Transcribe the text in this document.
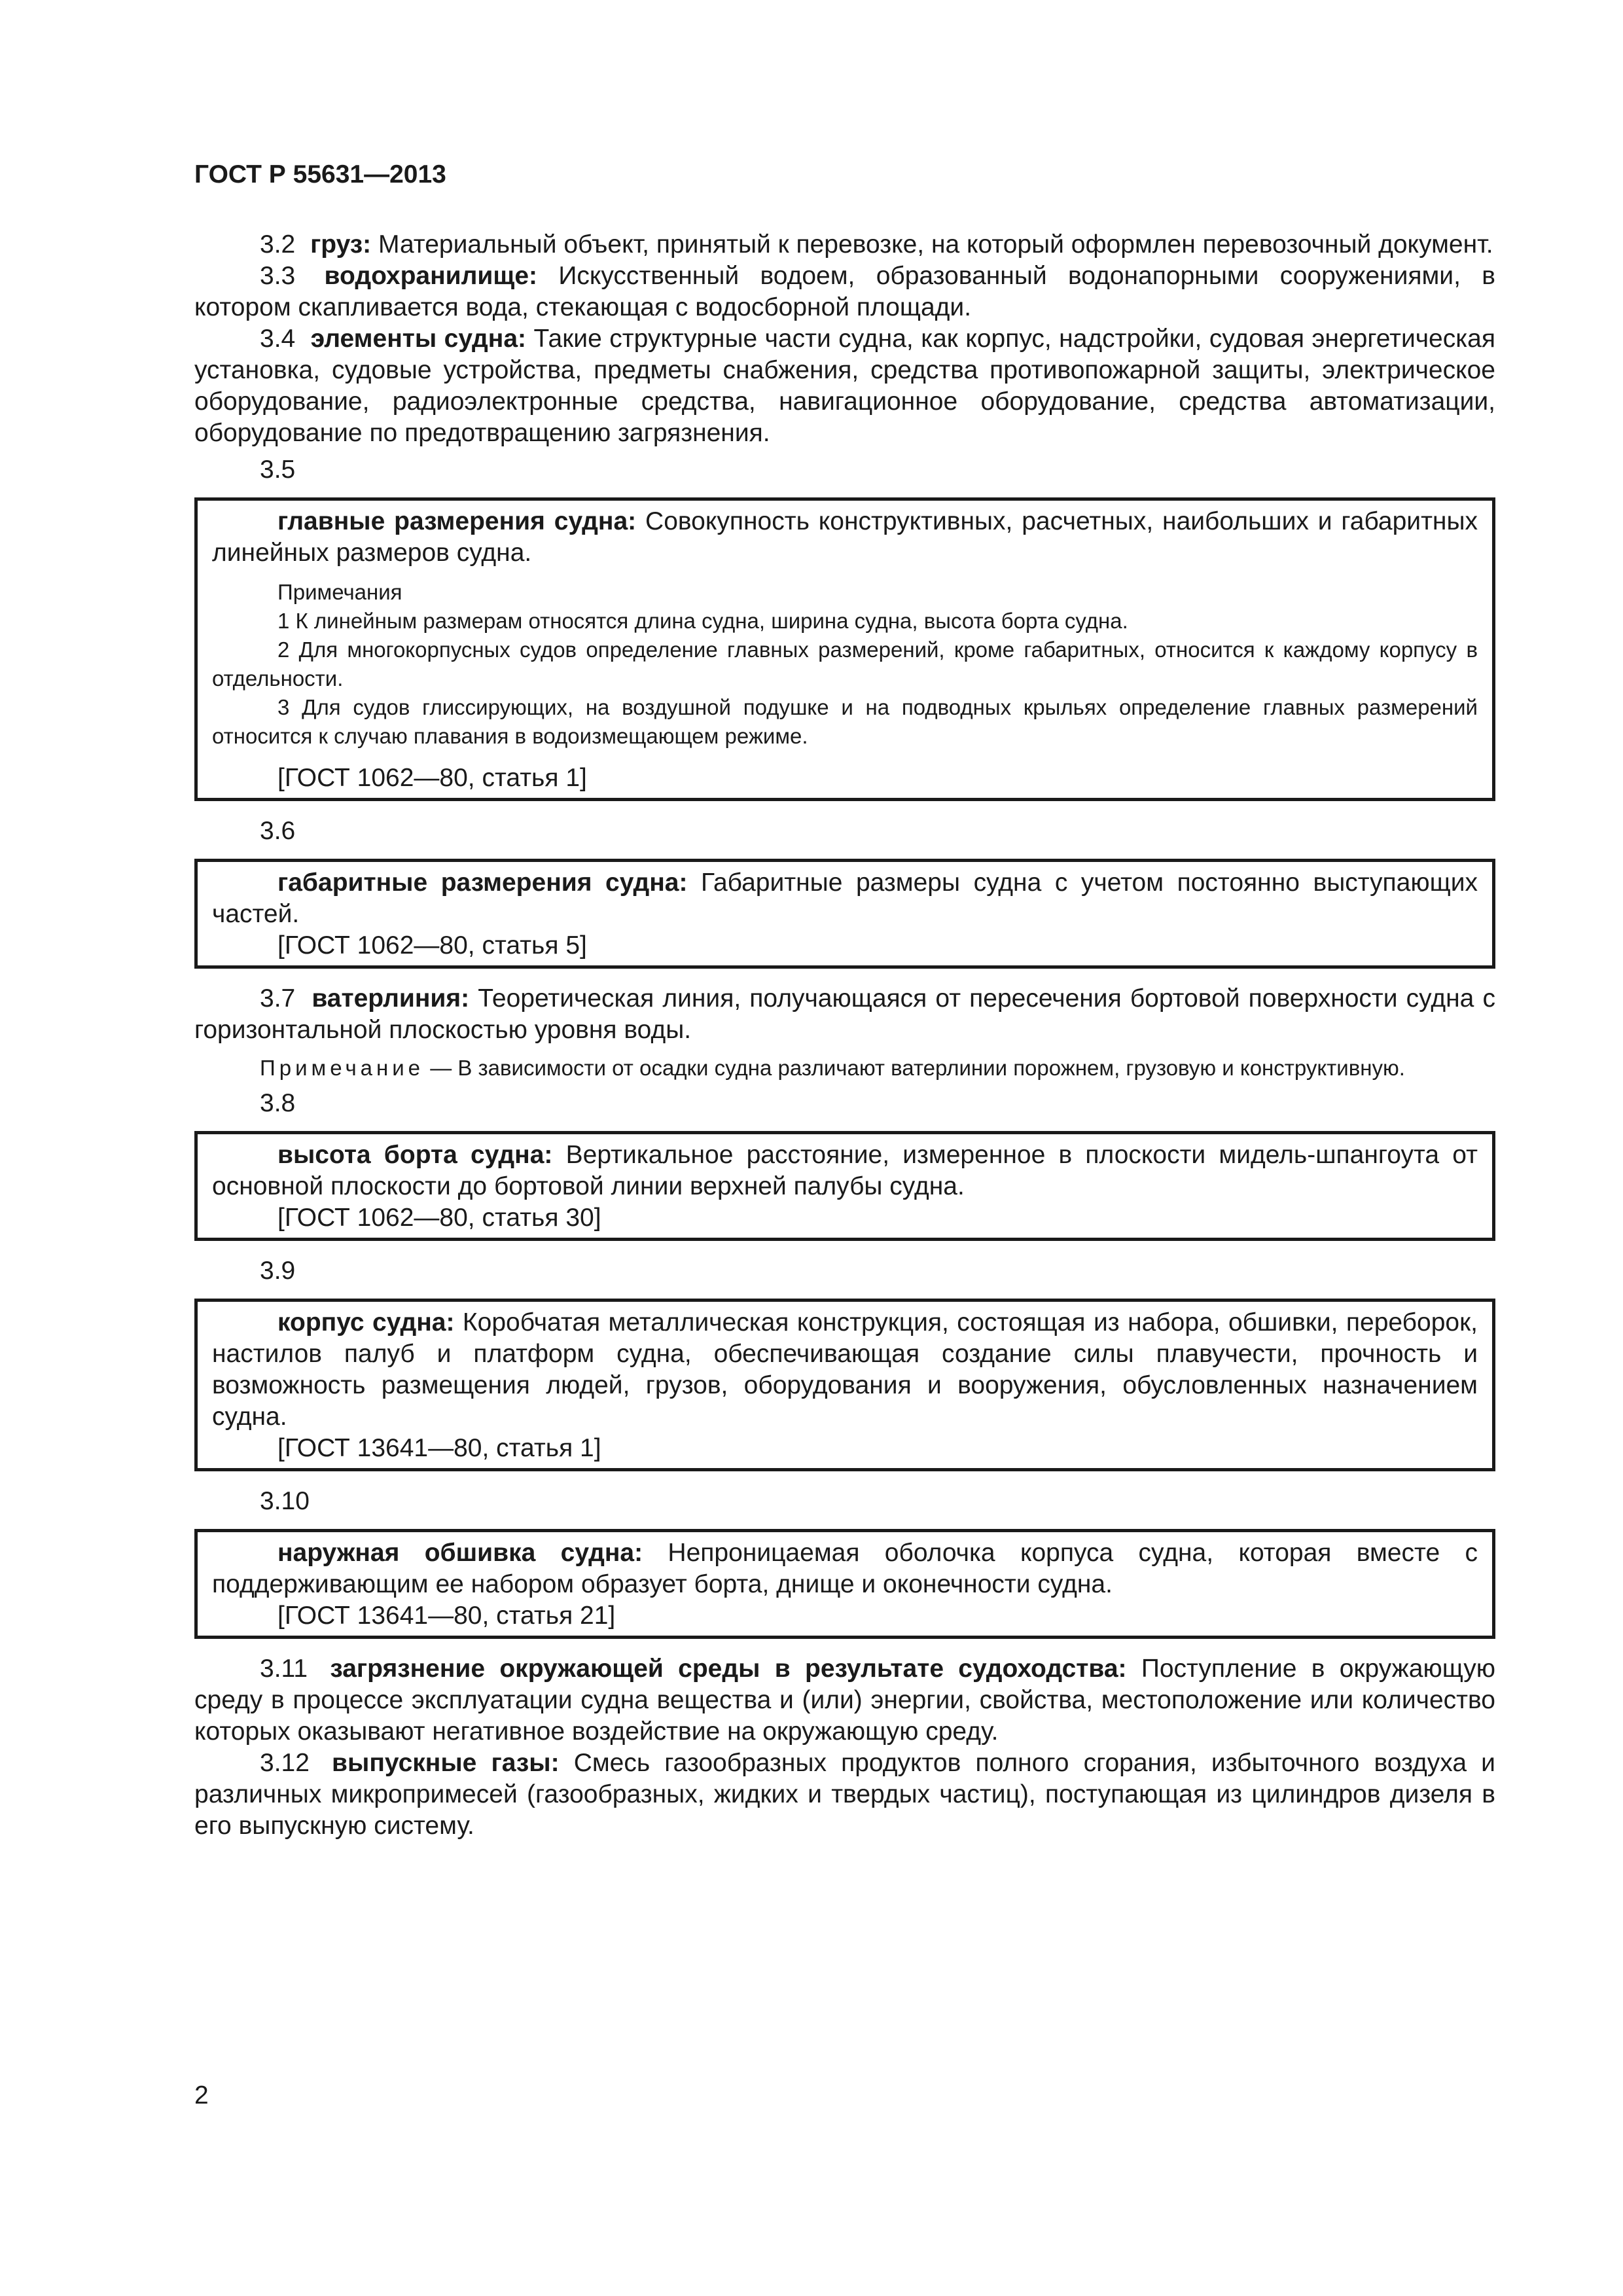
ГОСТ Р 55631—2013

3.2 груз: Материальный объект, принятый к перевозке, на который оформлен перевозочный документ.

3.3 водохранилище: Искусственный водоем, образованный водонапорными сооружениями, в котором скапливается вода, стекающая с водосборной площади.

3.4 элементы судна: Такие структурные части судна, как корпус, надстройки, судовая энергетическая установка, судовые устройства, предметы снабжения, средства противопожарной защиты, электрическое оборудование, радиоэлектронные средства, навигационное оборудование, средства автоматизации, оборудование по предотвращению загрязнения.

3.5

главные размерения судна: Совокупность конструктивных, расчетных, наибольших и габаритных линейных размеров судна.

Примечания

1 К линейным размерам относятся длина судна, ширина судна, высота борта судна.

2 Для многокорпусных судов определение главных размерений, кроме габаритных, относится к каждому корпусу в отдельности.

3 Для судов глиссирующих, на воздушной подушке и на подводных крыльях определение главных размерений относится к случаю плавания в водоизмещающем режиме.

[ГОСТ 1062—80, статья 1]
3.6

габаритные размерения судна: Габаритные размеры судна с учетом постоянно выступающих частей.

[ГОСТ 1062—80, статья 5]

3.7 ватерлиния: Теоретическая линия, получающаяся от пересечения бортовой поверхности судна с горизонтальной плоскостью уровня воды.

Примечание — В зависимости от осадки судна различают ватерлинии порожнем, грузовую и конструктивную.

3.8

высота борта судна: Вертикальное расстояние, измеренное в плоскости мидель-шпангоута от основной плоскости до бортовой линии верхней палубы судна.

[ГОСТ 1062—80, статья 30]
3.9

корпус судна: Коробчатая металлическая конструкция, состоящая из набора, обшивки, переборок, настилов палуб и платформ судна, обеспечивающая создание силы плавучести, прочность и возможность размещения людей, грузов, оборудования и вооружения, обусловленных назначением судна.

[ГОСТ 13641—80, статья 1]
3.10

наружная обшивка судна: Непроницаемая оболочка корпуса судна, которая вместе с поддерживающим ее набором образует борта, днище и оконечности судна.

[ГОСТ 13641—80, статья 21]

3.11 загрязнение окружающей среды в результате судоходства: Поступление в окружающую среду в процессе эксплуатации судна вещества и (или) энергии, свойства, местоположение или количество которых оказывают негативное воздействие на окружающую среду.

3.12 выпускные газы: Смесь газообразных продуктов полного сгорания, избыточного воздуха и различных микропримесей (газообразных, жидких и твердых частиц), поступающая из цилиндров дизеля в его выпускную систему.

2
